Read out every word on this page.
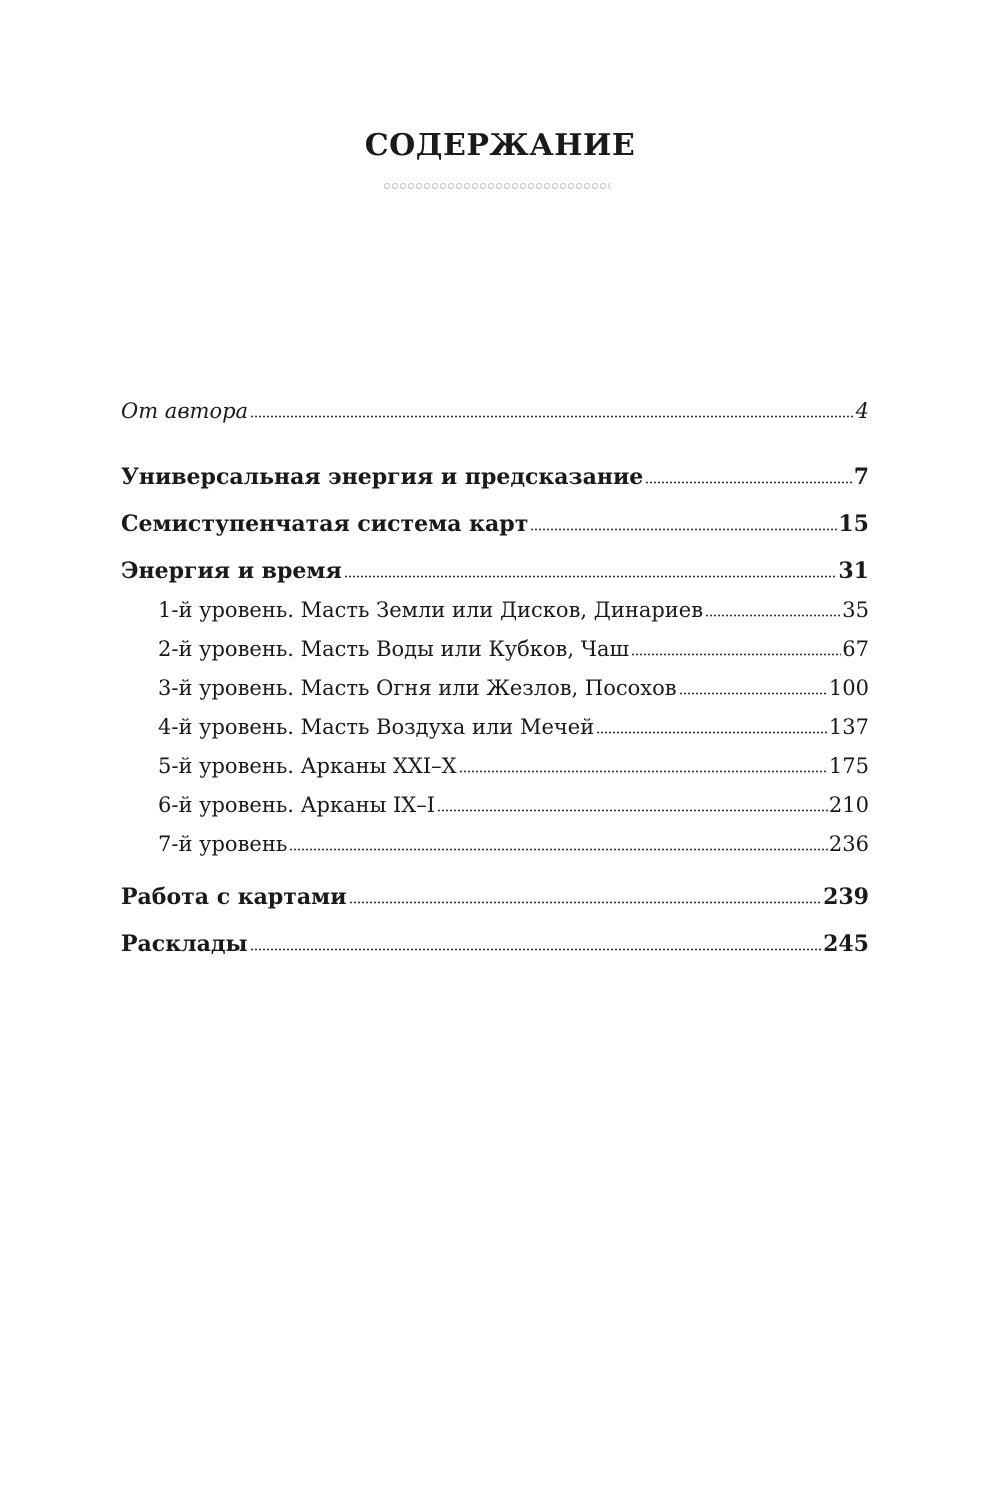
СОДЕРЖАНИЕ
От автора	4
Универсальная энергия и предсказание	7
Семиступенчатая система карт	15
Энергия и время	31
1-й уровень. Масть Земли или Дисков, Динариев	35
2-й уровень. Масть Воды или Кубков, Чаш	67
3-й уровень. Масть Огня или Жезлов, Посохов	100
4-й уровень. Масть Воздуха или Мечей	137
5-й уровень. Арканы XXI–X	175
6-й уровень. Арканы IX–I	210
7-й уровень	236
Работа с картами	239
Расклады	245
